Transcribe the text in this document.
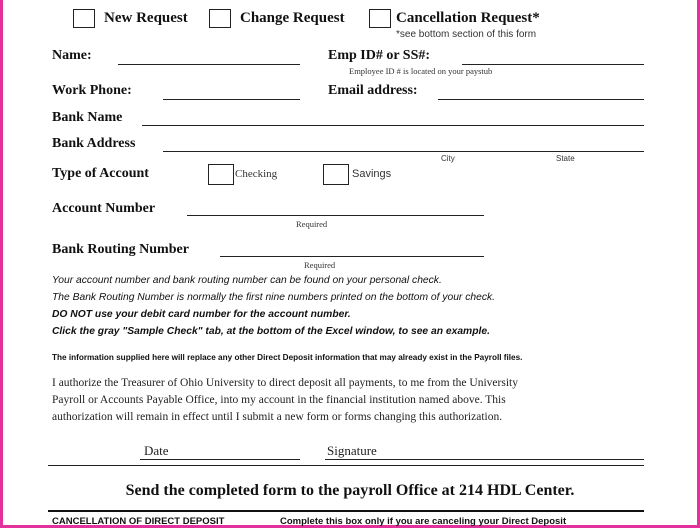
New Request	Change Request	Cancellation Request*
*see bottom section of this form
Name:	Emp ID# or SS#:
Employee ID # is located on your paystub
Work Phone:	Email address:
Bank Name
Bank Address
City	State
Type of Account	Checking	Savings
Account Number
Required
Bank Routing Number
Required
Your account number and bank routing number can be found on your personal check.
The Bank Routing Number is normally the first nine numbers printed on the bottom of your check.
DO NOT use your debit card number for the account number.
Click the gray "Sample Check" tab, at the bottom of the Excel window, to see an example.
The information supplied here will replace any other Direct Deposit information that may already exist in the Payroll files.
I authorize the Treasurer of Ohio University to direct deposit all payments, to me from the University
Payroll or Accounts Payable Office, into my account in the financial institution named above. This
authorization will remain in effect until I submit a new form or forms changing this authorization.
Date	Signature
Send the completed form to the payroll Office at 214 HDL Center.
CANCELLATION OF DIRECT DEPOSIT	Complete this box only if you are canceling your Direct Deposit
